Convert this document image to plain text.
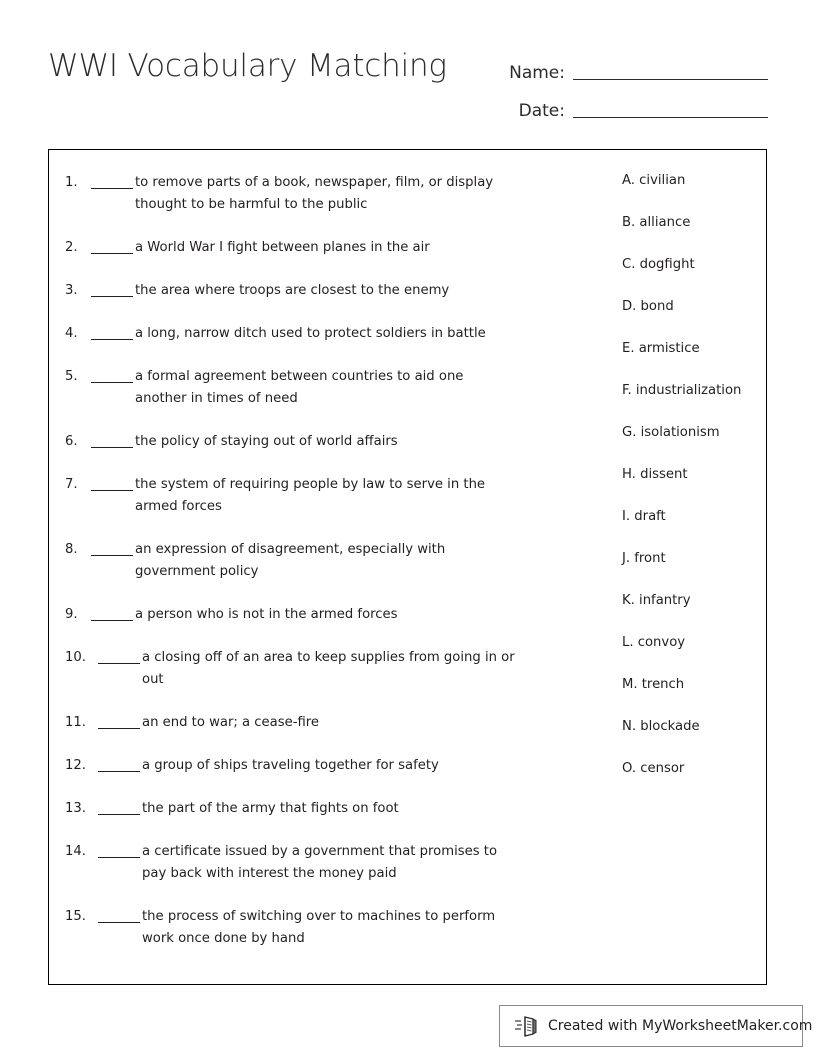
WWI Vocabulary Matching	Name:
Date:
1.	to remove parts of a book, newspaper, film, or display thought to be harmful to the public
2.	a World War I fight between planes in the air
3.	the area where troops are closest to the enemy
4.	a long, narrow ditch used to protect soldiers in battle
5.	a formal agreement between countries to aid one another in times of need
6.	the policy of staying out of world affairs
7.	the system of requiring people by law to serve in the armed forces
8.	an expression of disagreement, especially with government policy
9.	a person who is not in the armed forces
10.	a closing off of an area to keep supplies from going in or out
11.	an end to war; a cease-fire
12.	a group of ships traveling together for safety
13.	the part of the army that fights on foot
14.	a certificate issued by a government that promises to pay back with interest the money paid
15.	the process of switching over to machines to perform work once done by hand
A. civilian
B. alliance
C. dogfight
D. bond
E. armistice
F. industrialization
G. isolationism
H. dissent
I. draft
J. front
K. infantry
L. convoy
M. trench
N. blockade
O. censor
Created with MyWorksheetMaker.com
